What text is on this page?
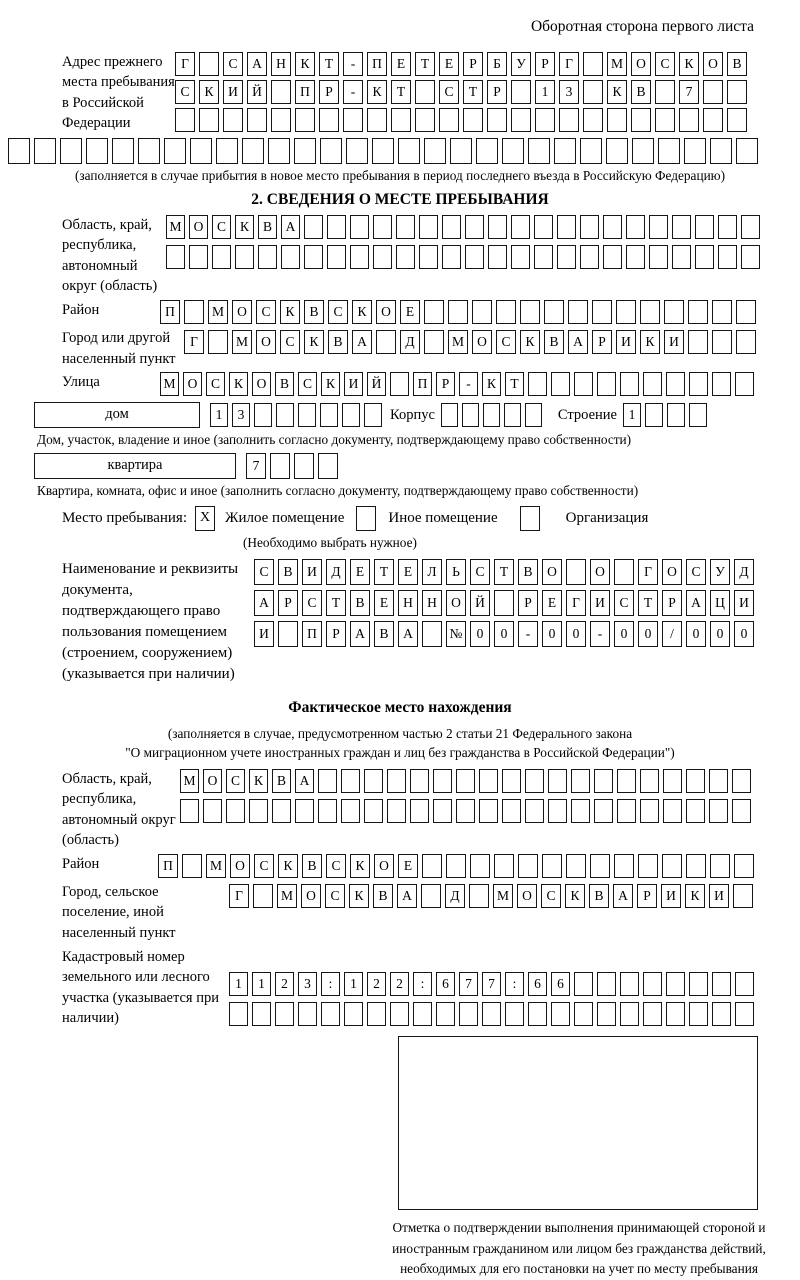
Оборотная сторона первого листа
Адрес прежнего места пребывания в Российской Федерации
Г	С	А	Н	К	Т	-	П	Е	Т	Е	Р	Б	У	Р	Г	М О	С	К	О	В
С	К	И	Й	П	Р	-	К	Т	С	Т	Р	1	3	К	В	7
(заполняется в случае прибытия в новое место пребывания в период последнего въезда в Российскую Федерацию)
2. СВЕДЕНИЯ О МЕСТЕ ПРЕБЫВАНИЯ
Область, край, республика, автономный округ (область)
М О	С	К	В	А
Район	П	М О	С	К	В	С	К	О	Е
Город или другой населенный пункт
Г	М О	С	К	В	А	Д	М О	С	К	В	А	Р	И	К	И
Улица	М О	С	К	О	В	С	К	И Й	П	Р	-	К	Т
дом	1	3	Корпус	Строение 1
Дом, участок, владение и иное (заполнить согласно документу, подтверждающему право собственности)
квартира	7
Квартира, комната, офис и иное (заполнить согласно документу, подтверждающему право собственности)
Место пребывания: X Жилое помещение	Иное помещение	Организация
(Необходимо выбрать нужное)
Наименование и реквизиты документа, подтверждающего право пользования помещением (строением, сооружением) (указывается при наличии)
С	В	И	Д	Е	Т	Е	Л	Ь	С	Т	В	О	О	Г	О	С	У	Д
А	Р	С	Т	В	Е	Н	Н	О	Й	Р	Е	Г	И	С	Т	Р	А	Ц	И
И	П	Р	А	В	А	№	0	0	-	0	0	-	0	0	/	0	0	0
Фактическое место нахождения
(заполняется в случае, предусмотренном частью 2 статьи 21 Федерального закона
"О миграционном учете иностранных граждан и лиц без гражданства в Российской Федерации")
Область, край, республика, автономный округ (область)
М О	С	К	В	А
Район	П	М О	С	К	В	С	К	О	Е
Город, сельское поселение, иной населенный пункт
Г	М О	С	К	В	А	Д	М О	С	К	В	А	Р	И	К	И
Кадастровый номер земельного или лесного участка (указывается при наличии)
1	1	2	3	:	1	2	2	:	6	7	7	:	6	6
Отметка о подтверждении выполнения принимающей стороной и иностранным гражданином или лицом без гражданства действий, необходимых для его постановки на учет по месту пребывания
